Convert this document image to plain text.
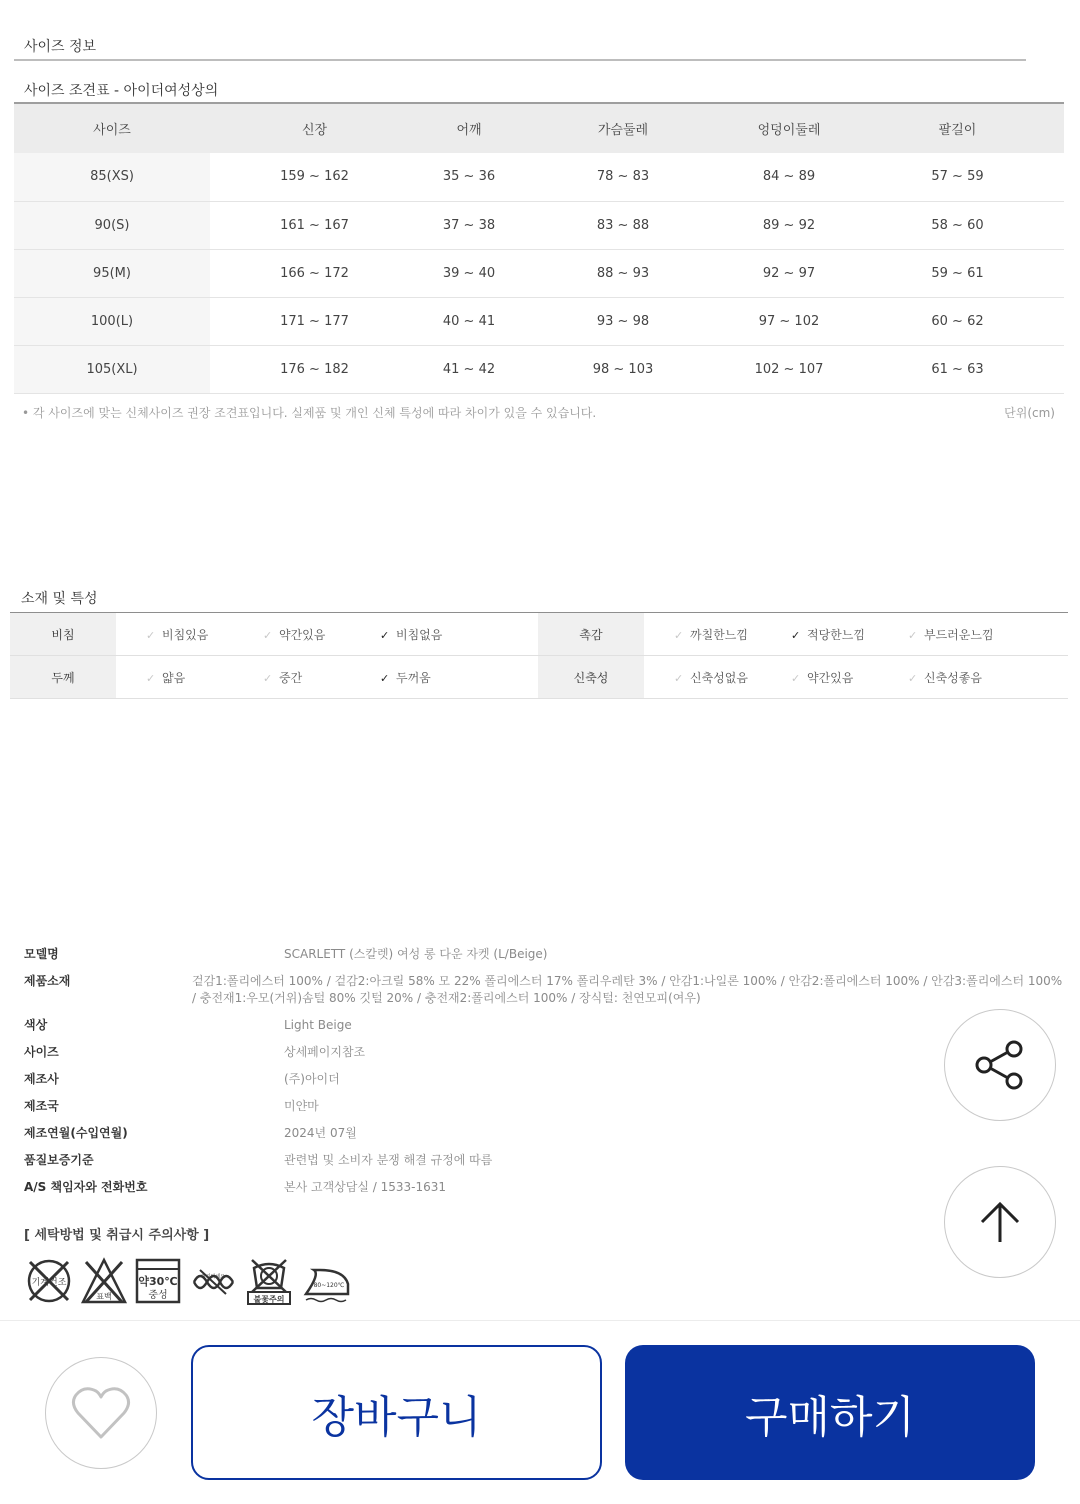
사이즈 정보
사이즈 조견표 - 아이더여성상의
사이즈	신장	어깨	가슴둘레	엉덩이둘레	팔길이
85(XS)	159 ~ 162	35 ~ 36	78 ~ 83	84 ~ 89	57 ~ 59
90(S)	161 ~ 167	37 ~ 38	83 ~ 88	89 ~ 92	58 ~ 60
95(M)	166 ~ 172	39 ~ 40	88 ~ 93	92 ~ 97	59 ~ 61
100(L)	171 ~ 177	40 ~ 41	93 ~ 98	97 ~ 102	60 ~ 62
105(XL)	176 ~ 182	41 ~ 42	98 ~ 103	102 ~ 107	61 ~ 63
• 각 사이즈에 맞는 신체사이즈 권장 조견표입니다. 실제품 및 개인 신체 특성에 따라 차이가 있을 수 있습니다.	단위(cm)
소재 및 특성
비침	✓ 비침있음	✓ 약간있음	✓ 비침없음	촉감	✓ 까칠한느낌	✓ 적당한느낌	✓ 부드러운느낌
두께	✓ 얇음	✓ 중간	✓ 두꺼움	신축성	✓ 신축성없음	✓ 약간있음	✓ 신축성좋음
모델명	SCARLETT (스칼렛) 여성 롱 다운 자켓 (L/Beige)
제품소재	겉감1:폴리에스터 100% / 겉감2:아크릴 58% 모 22% 폴리에스터 17% 폴리우레탄 3% / 안감1:나일론 100% / 안감2:폴리에스터 100% / 안감3:폴리에스터 100% / 충전재1:우모(거위)솜털 80% 깃털 20% / 충전재2:폴리에스터 100% / 장식털: 천연모피(여우)
색상	Light Beige
사이즈	상세페이지참조
제조사	(주)아이더
제조국	미얀마
제조연월(수입연월)	2024년 07월
품질보증기준	관련법 및 소비자 분쟁 해결 규정에 따름
A/S 책임자와 전화번호	본사 고객상담실 / 1533-1631
[ 세탁방법 및 취급시 주의사항 ]
기계건조
표백
약30℃
중성
짜지마세요
불꽃주의
80~120℃
장바구니	구매하기
